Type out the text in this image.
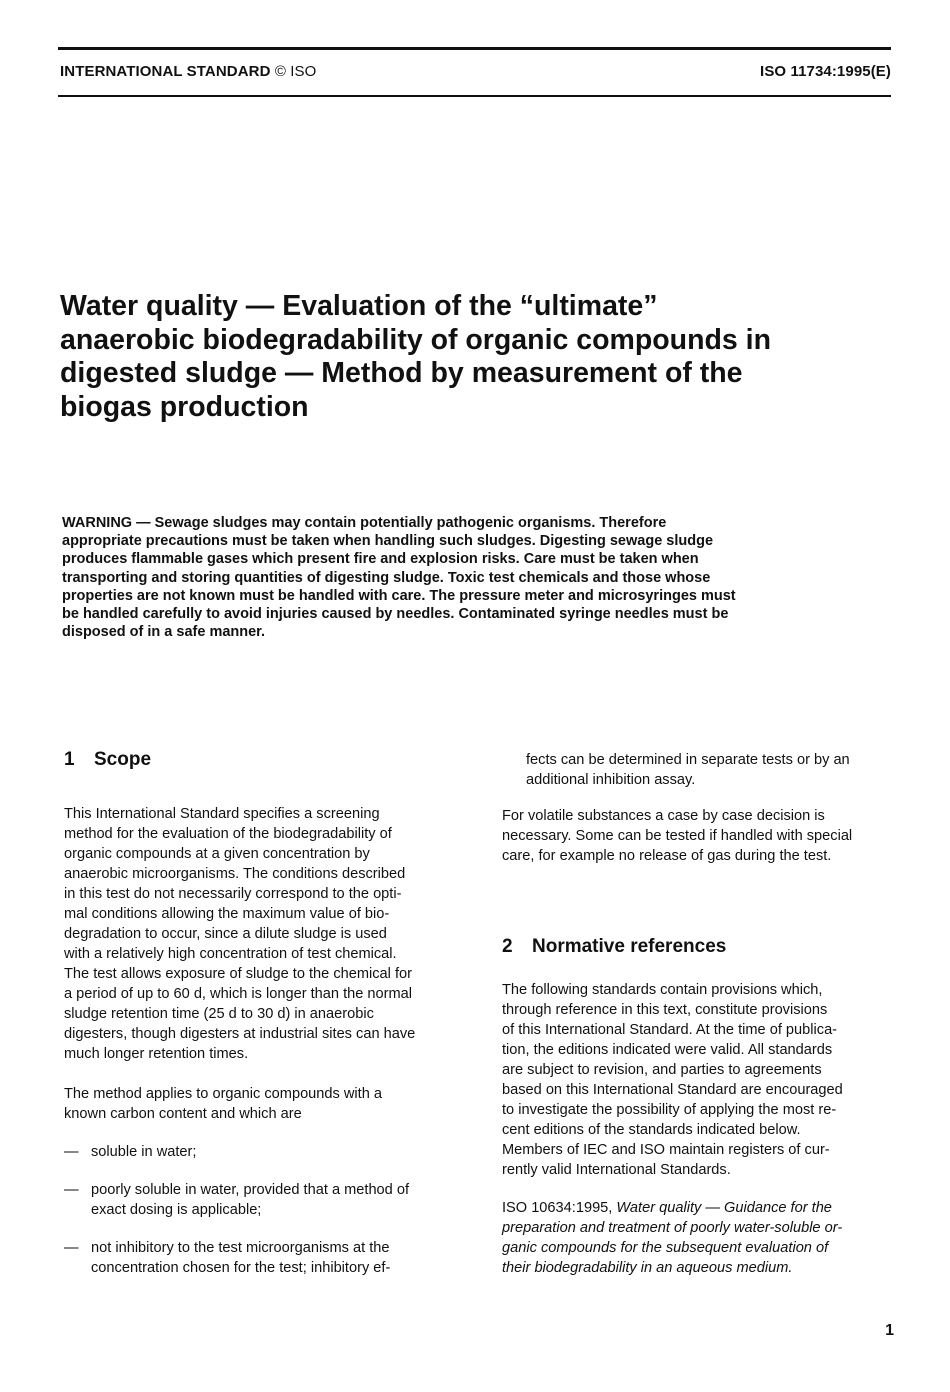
INTERNATIONAL STANDARD © ISO	ISO 11734:1995(E)
Water quality — Evaluation of the “ultimate”
anaerobic biodegradability of organic compounds in
digested sludge — Method by measurement of the
biogas production
WARNING — Sewage sludges may contain potentially pathogenic organisms. Therefore
appropriate precautions must be taken when handling such sludges. Digesting sewage sludge
produces flammable gases which present fire and explosion risks. Care must be taken when
transporting and storing quantities of digesting sludge. Toxic test chemicals and those whose
properties are not known must be handled with care. The pressure meter and microsyringes must
be handled carefully to avoid injuries caused by needles. Contaminated syringe needles must be
disposed of in a safe manner.
1 Scope
This International Standard specifies a screening
method for the evaluation of the biodegradability of
organic compounds at a given concentration by
anaerobic microorganisms. The conditions described
in this test do not necessarily correspond to the opti-
mal conditions allowing the maximum value of bio-
degradation to occur, since a dilute sludge is used
with a relatively high concentration of test chemical.
The test allows exposure of sludge to the chemical for
a period of up to 60 d, which is longer than the normal
sludge retention time (25 d to 30 d) in anaerobic
digesters, though digesters at industrial sites can have
much longer retention times.
The method applies to organic compounds with a
known carbon content and which are
— soluble in water;
— poorly soluble in water, provided that a method of
exact dosing is applicable;
— not inhibitory to the test microorganisms at the
concentration chosen for the test; inhibitory ef-
fects can be determined in separate tests or by an
additional inhibition assay.
For volatile substances a case by case decision is
necessary. Some can be tested if handled with special
care, for example no release of gas during the test.
2 Normative references
The following standards contain provisions which,
through reference in this text, constitute provisions
of this International Standard. At the time of publica-
tion, the editions indicated were valid. All standards
are subject to revision, and parties to agreements
based on this International Standard are encouraged
to investigate the possibility of applying the most re-
cent editions of the standards indicated below.
Members of IEC and ISO maintain registers of cur-
rently valid International Standards.
ISO 10634:1995, Water quality — Guidance for the
preparation and treatment of poorly water-soluble or-
ganic compounds for the subsequent evaluation of
their biodegradability in an aqueous medium.
1
